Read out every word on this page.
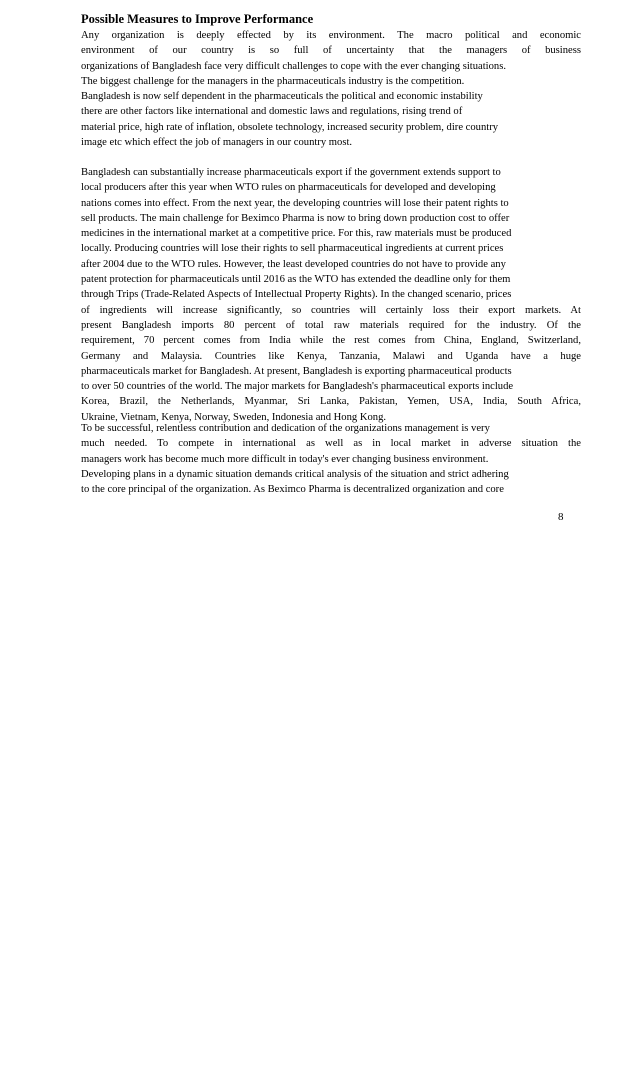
Possible Measures to Improve Performance
Any organization is deeply effected by its environment. The macro political and economic
environment of our country is so full of uncertainty that the managers of business
organizations of Bangladesh face very difficult challenges to cope with the ever changing situations.
The biggest challenge for the managers in the pharmaceuticals industry is the competition.
Bangladesh is now self dependent in the pharmaceuticals the political and economic instability
there are other factors like international and domestic laws and regulations, rising trend of
material price, high rate of inflation, obsolete technology, increased security problem, dire country
image etc which effect the job of managers in our country most.
Bangladesh can substantially increase pharmaceuticals export if the government extends support to
local producers after this year when WTO rules on pharmaceuticals for developed and developing
nations comes into effect. From the next year, the developing countries will lose their patent rights to
sell products. The main challenge for Beximco Pharma is now to bring down production cost to offer
medicines in the international market at a competitive price. For this, raw materials must be produced
locally. Producing countries will lose their rights to sell pharmaceutical ingredients at current prices
after 2004 due to the WTO rules. However, the least developed countries do not have to provide any
patent protection for pharmaceuticals until 2016 as the WTO has extended the deadline only for them
through Trips (Trade-Related Aspects of Intellectual Property Rights). In the changed scenario, prices
of ingredients will increase significantly, so countries will certainly loss their export markets. At
present Bangladesh imports 80 percent of total raw materials required for the industry. Of the
requirement, 70 percent comes from India while the rest comes from China, England, Switzerland,
Germany and Malaysia. Countries like Kenya, Tanzania, Malawi and Uganda have a huge
pharmaceuticals market for Bangladesh. At present, Bangladesh is exporting pharmaceutical products
to over 50 countries of the world. The major markets for Bangladesh's pharmaceutical exports include
Korea, Brazil, the Netherlands, Myanmar, Sri Lanka, Pakistan, Yemen, USA, India, South Africa,
Ukraine, Vietnam, Kenya, Norway, Sweden, Indonesia and Hong Kong.
To be successful, relentless contribution and dedication of the organizations management is very
much needed. To compete in international as well as in local market in adverse situation the
managers work has become much more difficult in today's ever changing business environment.
Developing plans in a dynamic situation demands critical analysis of the situation and strict adhering
to the core principal of the organization. As Beximco Pharma is decentralized organization and core
8
